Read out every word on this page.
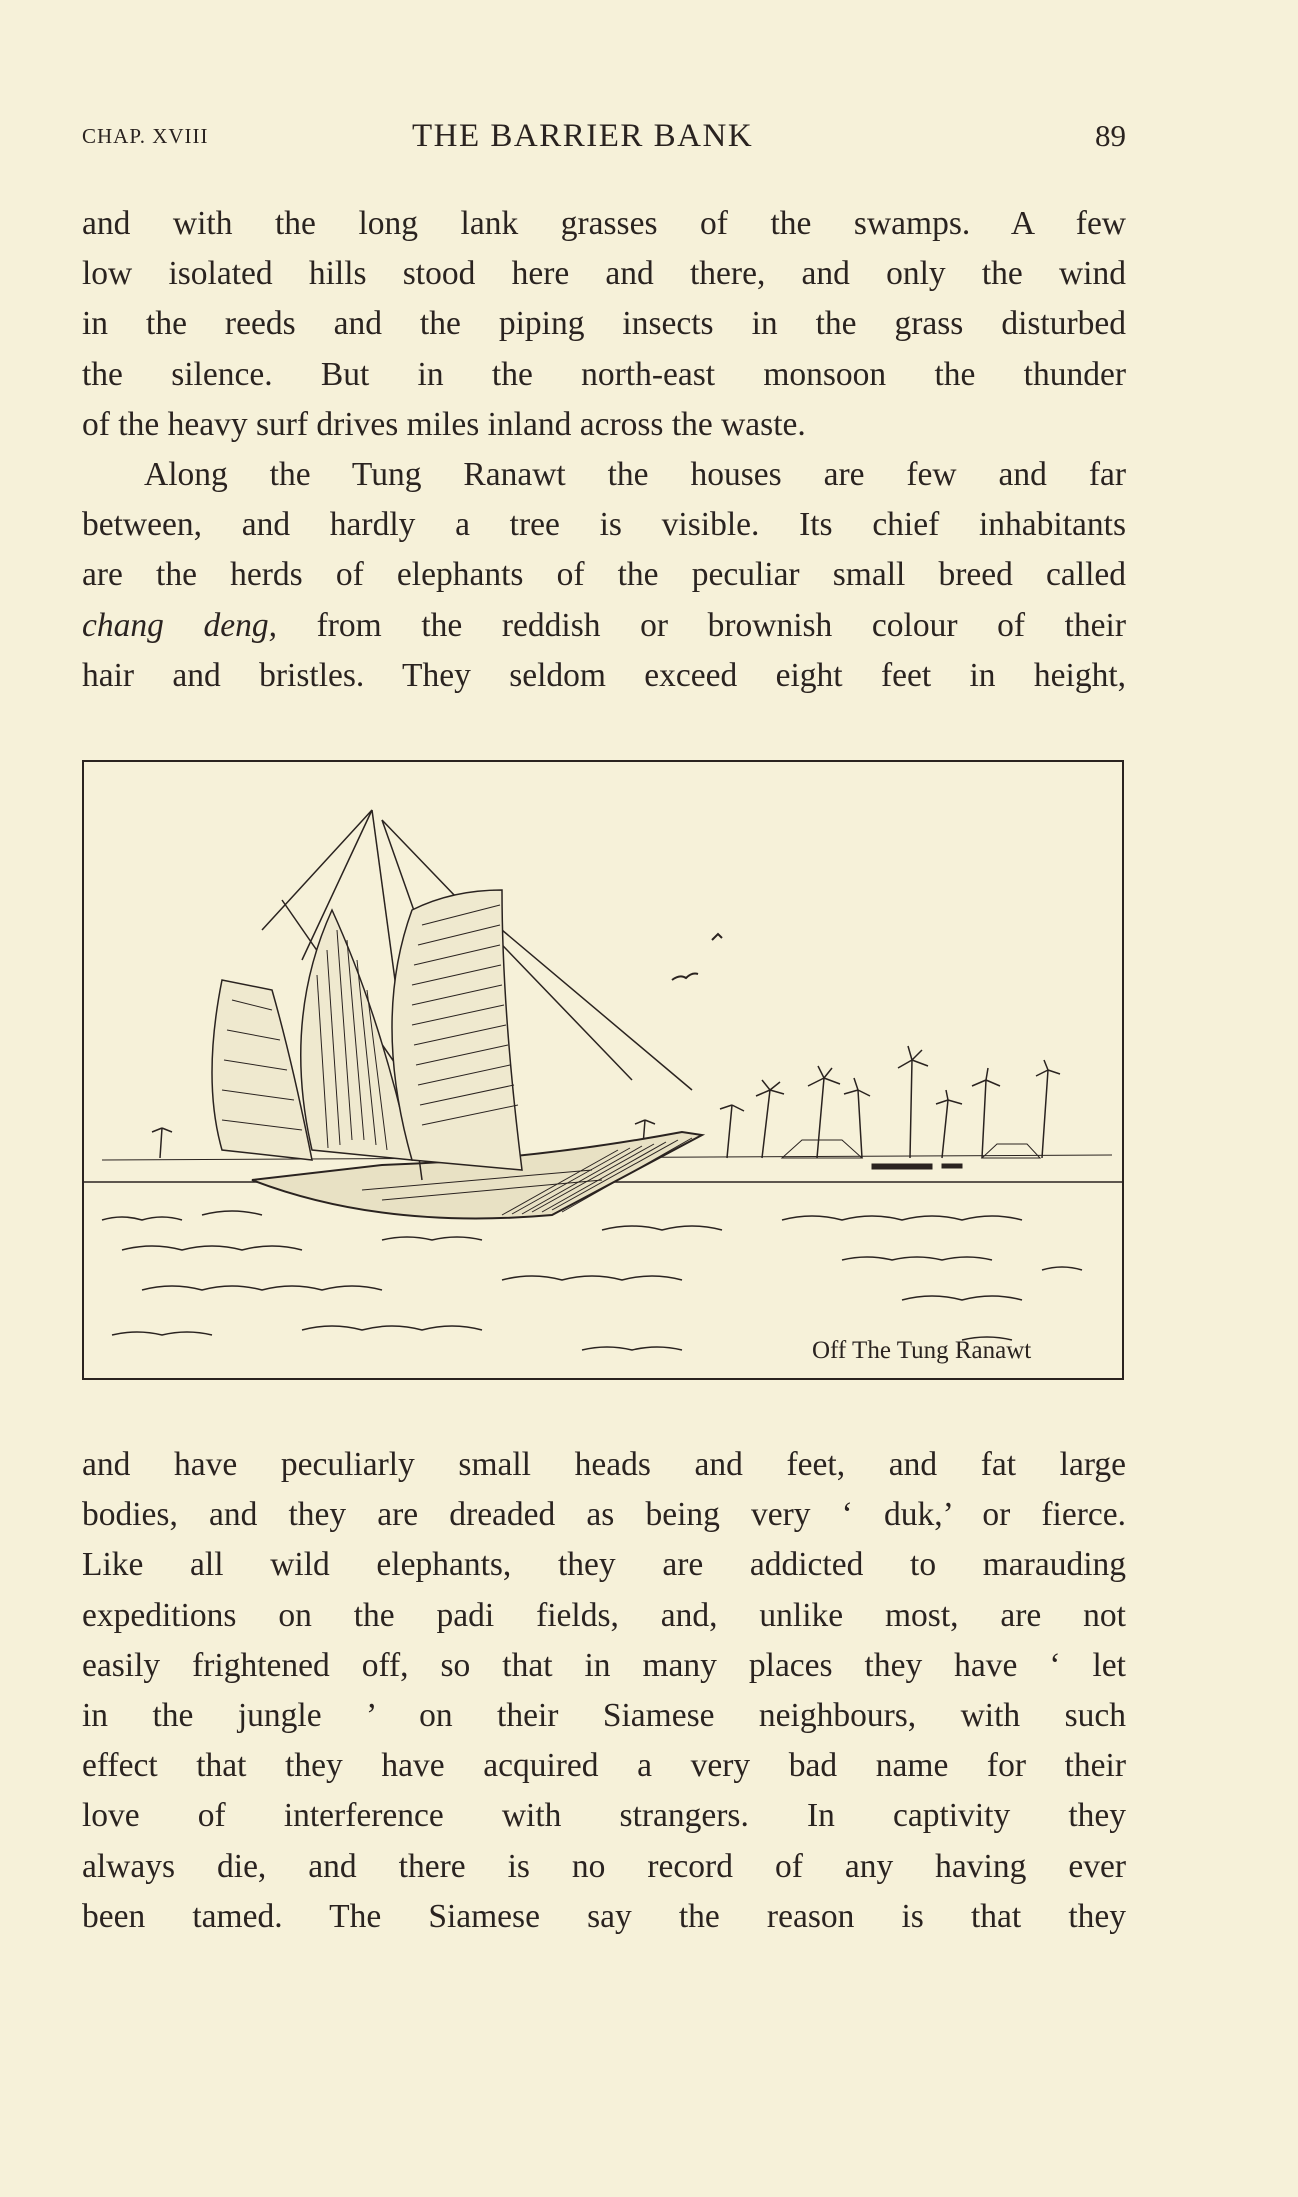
CHAP. XVIII	THE BARRIER BANK	89
and with the long lank grasses of the swamps. A few
low isolated hills stood here and there, and only the wind
in the reeds and the piping insects in the grass disturbed
the silence. But in the north-east monsoon the thunder
of the heavy surf drives miles inland across the waste.
Along the Tung Ranawt the houses are few and far
between, and hardly a tree is visible. Its chief inhabitants
are the herds of elephants of the peculiar small breed called
chang deng, from the reddish or brownish colour of their
hair and bristles. They seldom exceed eight feet in height,
Off The Tung Ranawt
and have peculiarly small heads and feet, and fat large
bodies, and they are dreaded as being very ‘ duk,’ or fierce.
Like all wild elephants, they are addicted to marauding
expeditions on the padi fields, and, unlike most, are not
easily frightened off, so that in many places they have ‘ let
in the jungle ’ on their Siamese neighbours, with such
effect that they have acquired a very bad name for their
love of interference with strangers. In captivity they
always die, and there is no record of any having ever
been tamed. The Siamese say the reason is that they
